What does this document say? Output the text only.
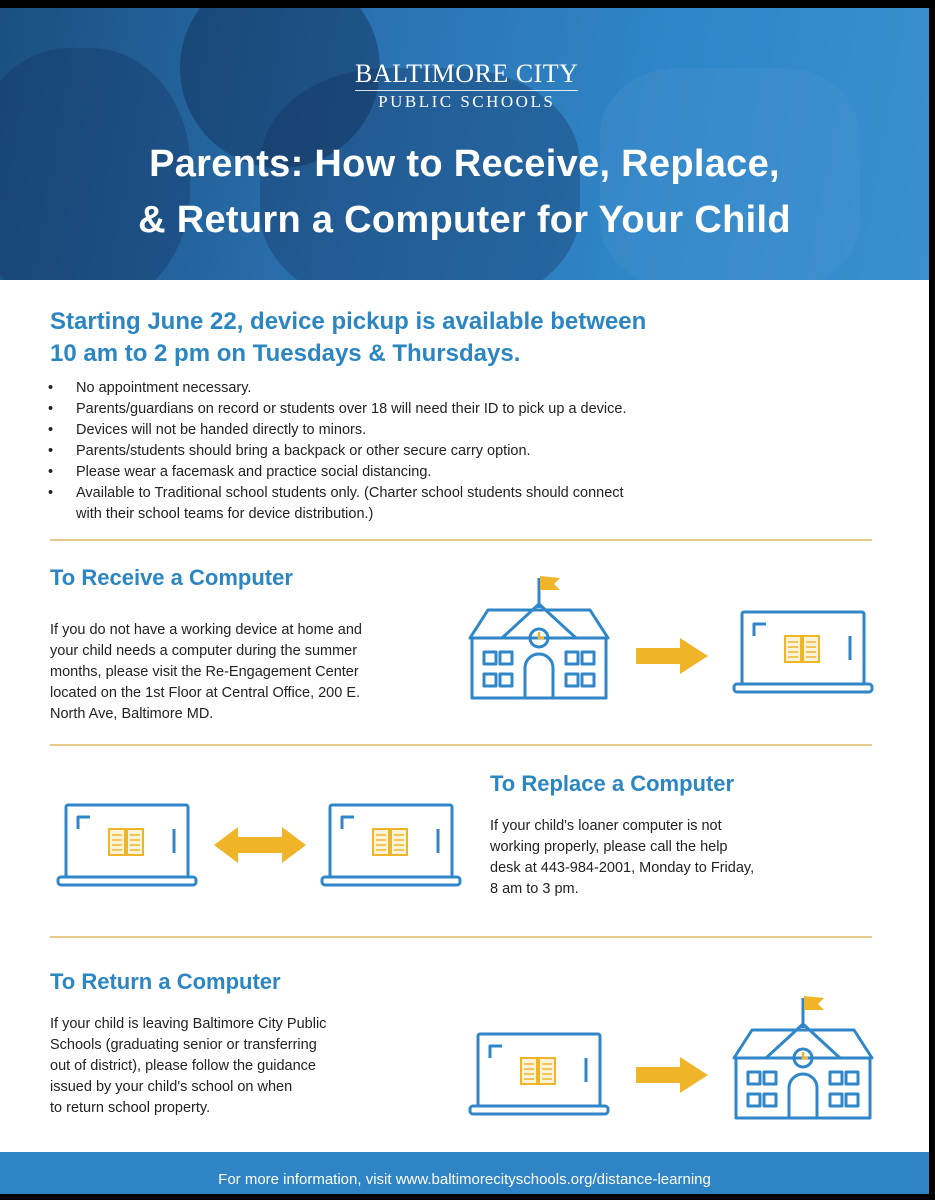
BALTIMORE CITY
PUBLIC SCHOOLS
Parents: How to Receive, Replace,
& Return a Computer for Your Child
Starting June 22, device pickup is available between
10 am to 2 pm on Tuesdays & Thursdays.
• No appointment necessary.
• Parents/guardians on record or students over 18 will need their ID to pick up a device.
• Devices will not be handed directly to minors.
• Parents/students should bring a backpack or other secure carry option.
• Please wear a facemask and practice social distancing.
• Available to Traditional school students only. (Charter school students should connect
with their school teams for device distribution.)
To Receive a Computer
If you do not have a working device at home and
your child needs a computer during the summer
months, please visit the Re-Engagement Center
located on the 1st Floor at Central Office, 200 E.
North Ave, Baltimore MD.
To Replace a Computer
If your child's loaner computer is not
working properly, please call the help
desk at 443-984-2001, Monday to Friday,
8 am to 3 pm.
To Return a Computer
If your child is leaving Baltimore City Public
Schools (graduating senior or transferring
out of district), please follow the guidance
issued by your child's school on when
to return school property.
For more information, visit www.baltimorecityschools.org/distance-learning
